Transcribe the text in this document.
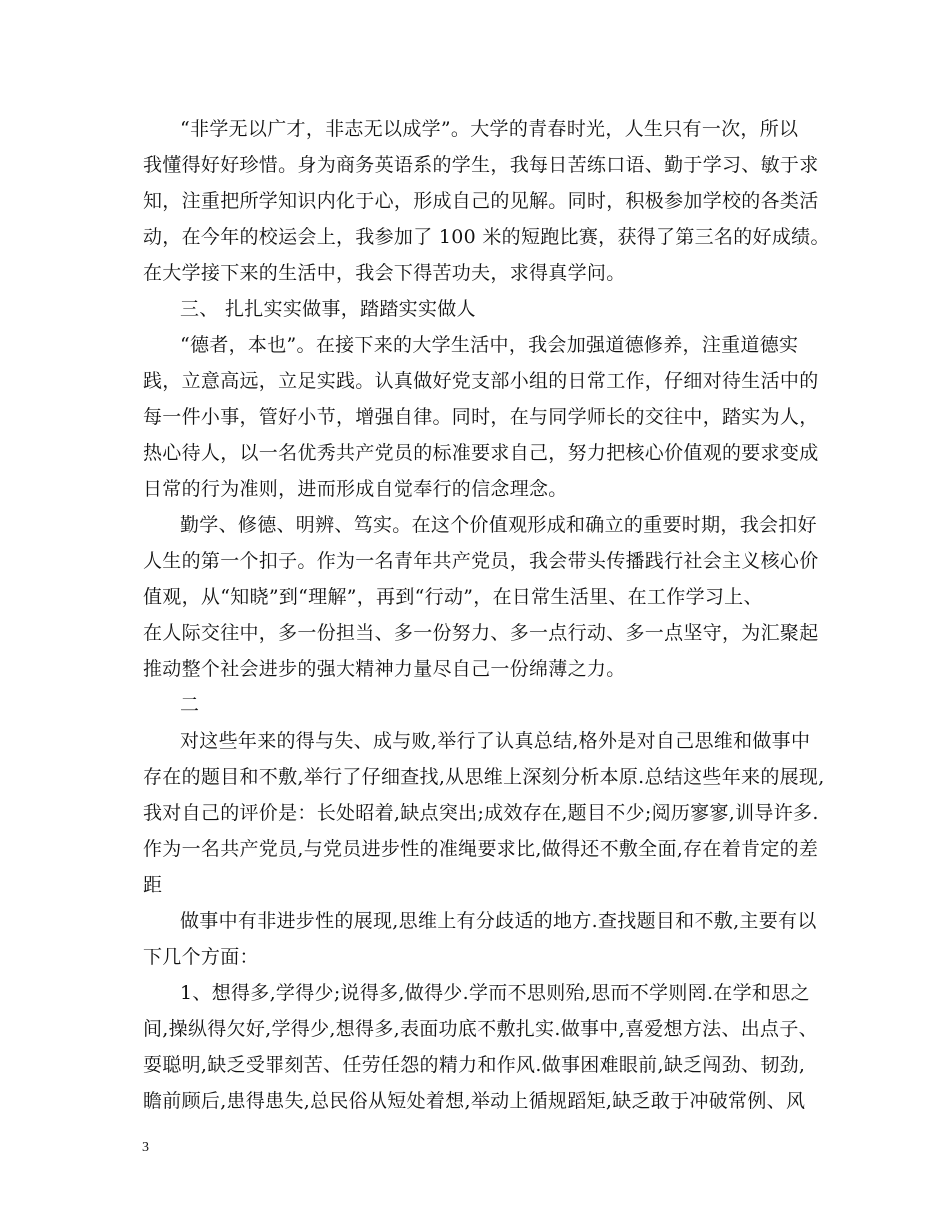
“非学无以广才，非志无以成学”。大学的青春时光，人生只有一次，所以
我懂得好好珍惜。身为商务英语系的学生，我每日苦练口语、勤于学习、敏于求
知，注重把所学知识内化于心，形成自己的见解。同时，积极参加学校的各类活
动，在今年的校运会上，我参加了 100 米的短跑比赛，获得了第三名的好成绩。
在大学接下来的生活中，我会下得苦功夫，求得真学问。
三、 扎扎实实做事，踏踏实实做人
“德者，本也”。在接下来的大学生活中，我会加强道德修养，注重道德实
践，立意高远，立足实践。认真做好党支部小组的日常工作，仔细对待生活中的
每一件小事，管好小节，增强自律。同时，在与同学师长的交往中，踏实为人，
热心待人，以一名优秀共产党员的标准要求自己，努力把核心价值观的要求变成
日常的行为准则，进而形成自觉奉行的信念理念。
勤学、修德、明辨、笃实。在这个价值观形成和确立的重要时期，我会扣好
人生的第一个扣子。作为一名青年共产党员，我会带头传播践行社会主义核心价
值观，从“知晓”到“理解”，再到“行动”，在日常生活里、在工作学习上、
在人际交往中，多一份担当、多一份努力、多一点行动、多一点坚守，为汇聚起
推动整个社会进步的强大精神力量尽自己一份绵薄之力。
二
对这些年来的得与失、成与败,举行了认真总结,格外是对自己思维和做事中
存在的题目和不敷,举行了仔细查找,从思维上深刻分析本原.总结这些年来的展现,
我对自己的评价是：长处昭着,缺点突出;成效存在,题目不少;阅历寥寥,训导许多.
作为一名共产党员,与党员进步性的准绳要求比,做得还不敷全面,存在着肯定的差
距
做事中有非进步性的展现,思维上有分歧适的地方.查找题目和不敷,主要有以
下几个方面：
1、想得多,学得少;说得多,做得少.学而不思则殆,思而不学则罔.在学和思之
间,操纵得欠好,学得少,想得多,表面功底不敷扎实.做事中,喜爱想方法、出点子、
耍聪明,缺乏受罪刻苦、任劳任怨的精力和作风.做事困难眼前,缺乏闯劲、韧劲,
瞻前顾后,患得患失,总民俗从短处着想,举动上循规蹈矩,缺乏敢于冲破常例、风
3
